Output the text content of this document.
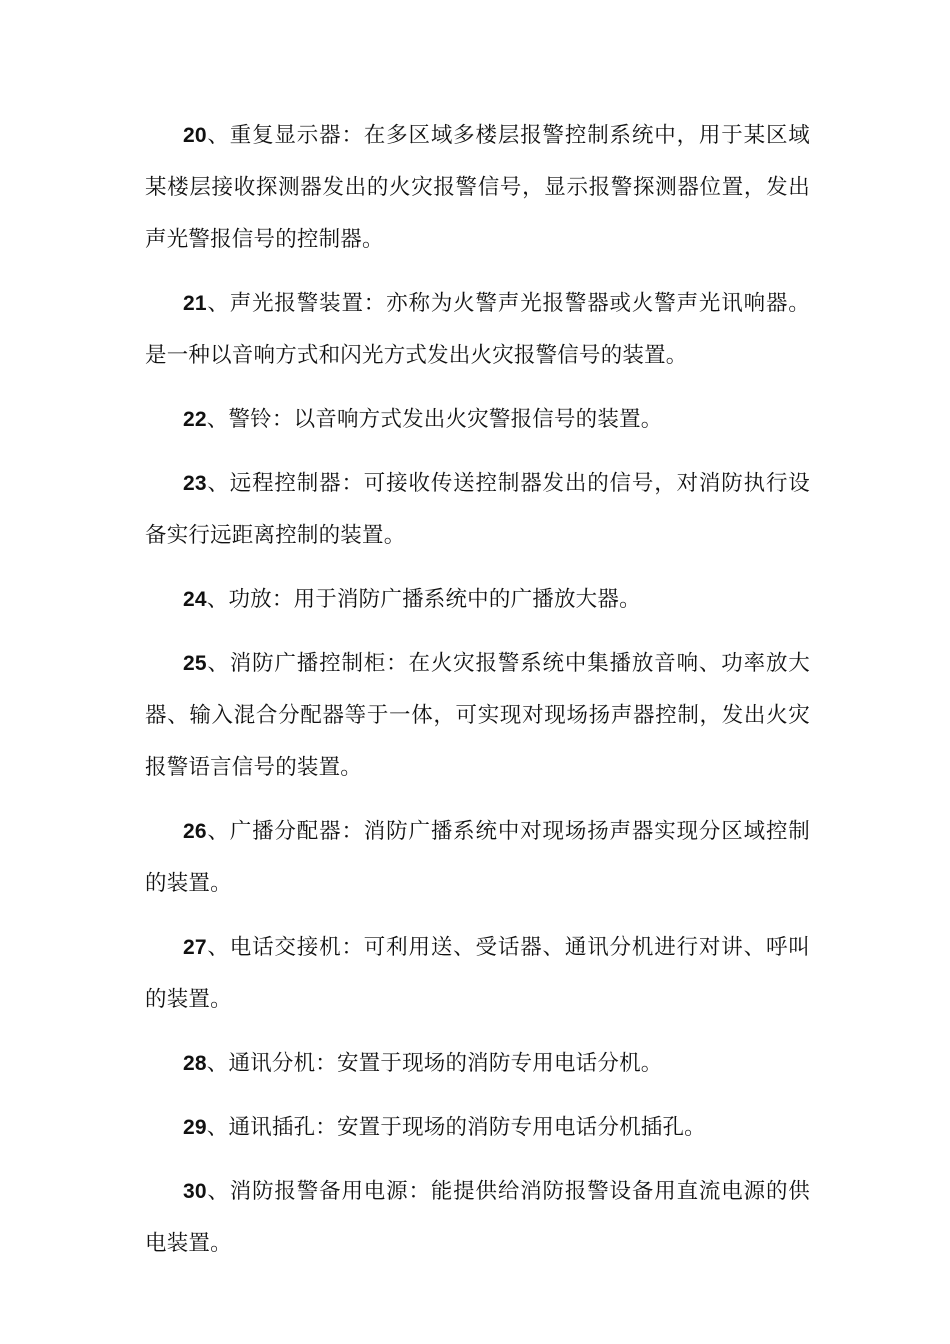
20、重复显示器：在多区域多楼层报警控制系统中，用于某区域某楼层接收探测器发出的火灾报警信号，显示报警探测器位置，发出声光警报信号的控制器。

21、声光报警装置：亦称为火警声光报警器或火警声光讯响器。是一种以音响方式和闪光方式发出火灾报警信号的装置。

22、警铃：以音响方式发出火灾警报信号的装置。

23、远程控制器：可接收传送控制器发出的信号，对消防执行设备实行远距离控制的装置。

24、功放：用于消防广播系统中的广播放大器。

25、消防广播控制柜：在火灾报警系统中集播放音响、功率放大器、输入混合分配器等于一体，可实现对现场扬声器控制，发出火灾报警语言信号的装置。

26、广播分配器：消防广播系统中对现场扬声器实现分区域控制的装置。

27、电话交接机：可利用送、受话器、通讯分机进行对讲、呼叫的装置。

28、通讯分机：安置于现场的消防专用电话分机。

29、通讯插孔：安置于现场的消防专用电话分机插孔。

30、消防报警备用电源：能提供给消防报警设备用直流电源的供电装置。
